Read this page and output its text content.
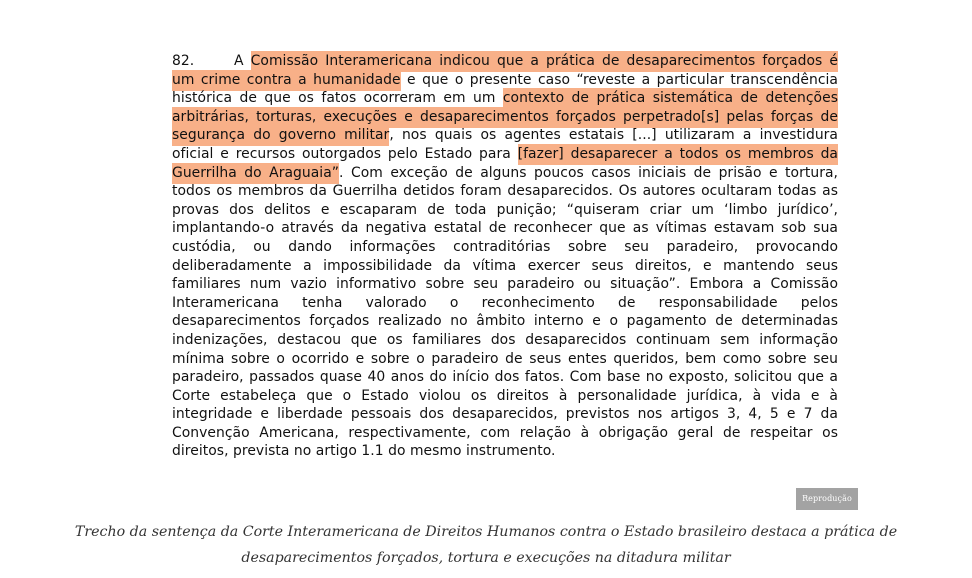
82.	A Comissão Interamericana indicou que a prática de desaparecimentos forçados é um crime contra a humanidade e que o presente caso “reveste a particular transcendência histórica de que os fatos ocorreram em um contexto de prática sistemática de detenções arbitrárias, torturas, execuções e desaparecimentos forçados perpetrado[s] pelas forças de segurança do governo militar, nos quais os agentes estatais [...] utilizaram a investidura oficial e recursos outorgados pelo Estado para [fazer] desaparecer a todos os membros da Guerrilha do Araguaia”. Com exceção de alguns poucos casos iniciais de prisão e tortura, todos os membros da Guerrilha detidos foram desaparecidos. Os autores ocultaram todas as provas dos delitos e escaparam de toda punição; “quiseram criar um ‘limbo jurídico’, implantando-o através da negativa estatal de reconhecer que as vítimas estavam sob sua custódia, ou dando informações contraditórias sobre seu paradeiro, provocando deliberadamente a impossibilidade da vítima exercer seus direitos, e mantendo seus familiares num vazio informativo sobre seu paradeiro ou situação”. Embora a Comissão Interamericana tenha valorado o reconhecimento de responsabilidade pelos desaparecimentos forçados realizado no âmbito interno e o pagamento de determinadas indenizações, destacou que os familiares dos desaparecidos continuam sem informação mínima sobre o ocorrido e sobre o paradeiro de seus entes queridos, bem como sobre seu paradeiro, passados quase 40 anos do início dos fatos. Com base no exposto, solicitou que a Corte estabeleça que o Estado violou os direitos à personalidade jurídica, à vida e à integridade e liberdade pessoais dos desaparecidos, previstos nos artigos 3, 4, 5 e 7 da Convenção Americana, respectivamente, com relação à obrigação geral de respeitar os direitos, prevista no artigo 1.1 do mesmo instrumento.

Reprodução

Trecho da sentença da Corte Interamericana de Direitos Humanos contra o Estado brasileiro destaca a prática de desaparecimentos forçados, tortura e execuções na ditadura militar
